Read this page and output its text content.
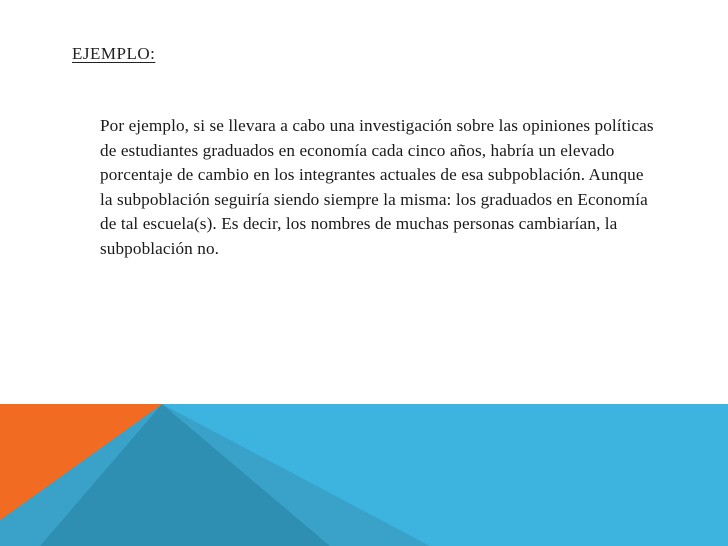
EJEMPLO:
Por ejemplo, si se llevara a cabo una investigación sobre las opiniones políticas de estudiantes graduados en economía cada cinco años, habría un elevado porcentaje de cambio en los integrantes actuales de esa subpoblación. Aunque la subpoblación seguiría siendo siempre la misma: los graduados en Economía de tal escuela(s). Es decir, los nombres de muchas personas cambiarían, la subpoblación no.
